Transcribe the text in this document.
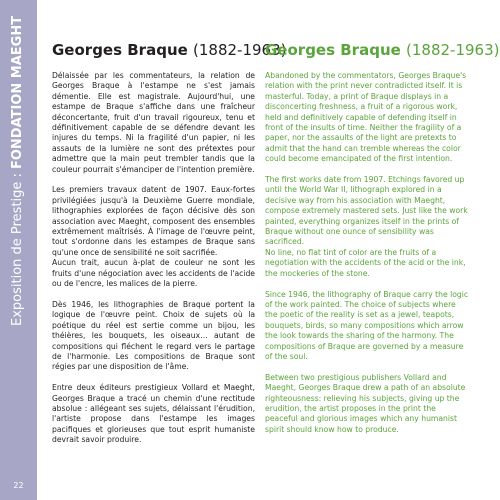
Exposition de Prestige : FONDATION MAEGHT
22
Georges Braque (1882-1963)
Georges Braque (1882-1963)

Délaissée par les commentateurs, la relation de Georges Braque à l'estampe ne s'est jamais démentie. Elle est magistrale. Aujourd'hui, une estampe de Braque s'affiche dans une fraîcheur déconcertante, fruit d'un travail rigoureux, tenu et définitivement capable de se défendre devant les injures du temps. Ni la fragilité d'un papier, ni les assauts de la lumière ne sont des prétextes pour admettre que la main peut trembler tandis que la couleur pourrait s'émanciper de l'intention première.

Les premiers travaux datent de 1907. Eaux-fortes privilégiées jusqu'à la Deuxième Guerre mondiale, lithographies explorées de façon décisive dès son association avec Maeght, composent des ensembles extrêmement maîtrisés. À l'image de l'œuvre peint, tout s'ordonne dans les estampes de Braque sans qu'une once de sensibilité ne soit sacrifiée.
Aucun trait, aucun à-plat de couleur ne sont les fruits d'une négociation avec les accidents de l'acide ou de l'encre, les malices de la pierre.

Dès 1946, les lithographies de Braque portent la logique de l'œuvre peint. Choix de sujets où la poétique du réel est sertie comme un bijou, les théières, les bouquets, les oiseaux… autant de compositions qui fléchent le regard vers le partage de l'harmonie. Les compositions de Braque sont régies par une disposition de l'âme.

Entre deux éditeurs prestigieux Vollard et Maeght, Georges Braque a tracé un chemin d'une rectitude absolue : allégeant ses sujets, délaissant l'érudition, l'artiste propose dans l'estampe les images pacifiques et glorieuses que tout esprit humaniste devrait savoir produire.

Abandoned by the commentators, Georges Braque's relation with the print never contradicted itself. It is masterful. Today, a print of Braque displays in a disconcerting freshness, a fruit of a rigorous work, held and definitively capable of defending itself in front of the insults of time. Neither the fragility of a paper, nor the assaults of the light are pretexts to admit that the hand can tremble whereas the color could become emancipated of the first intention.

The first works date from 1907. Etchings favored up until the World War II, lithograph explored in a decisive way from his association with Maeght, compose extremely mastered sets. Just like the work painted, everything organizes itself in the prints of Braque without one ounce of sensibility was sacrificed.
No line, no flat tint of color are the fruits of a negotiation with the accidents of the acid or the ink, the mockeries of the stone.

Since 1946, the lithography of Braque carry the logic of the work painted. The choice of subjects where the poetic of the reality is set as a jewel, teapots, bouquets, birds, so many compositions which arrow the look towards the sharing of the harmony. The compositions of Braque are governed by a measure of the soul.

Between two prestigious publishers Vollard and Maeght, Georges Braque drew a path of an absolute righteousness: relieving his subjects, giving up the erudition, the artist proposes in the print the peaceful and glorious images which any humanist spirit should know how to produce.
